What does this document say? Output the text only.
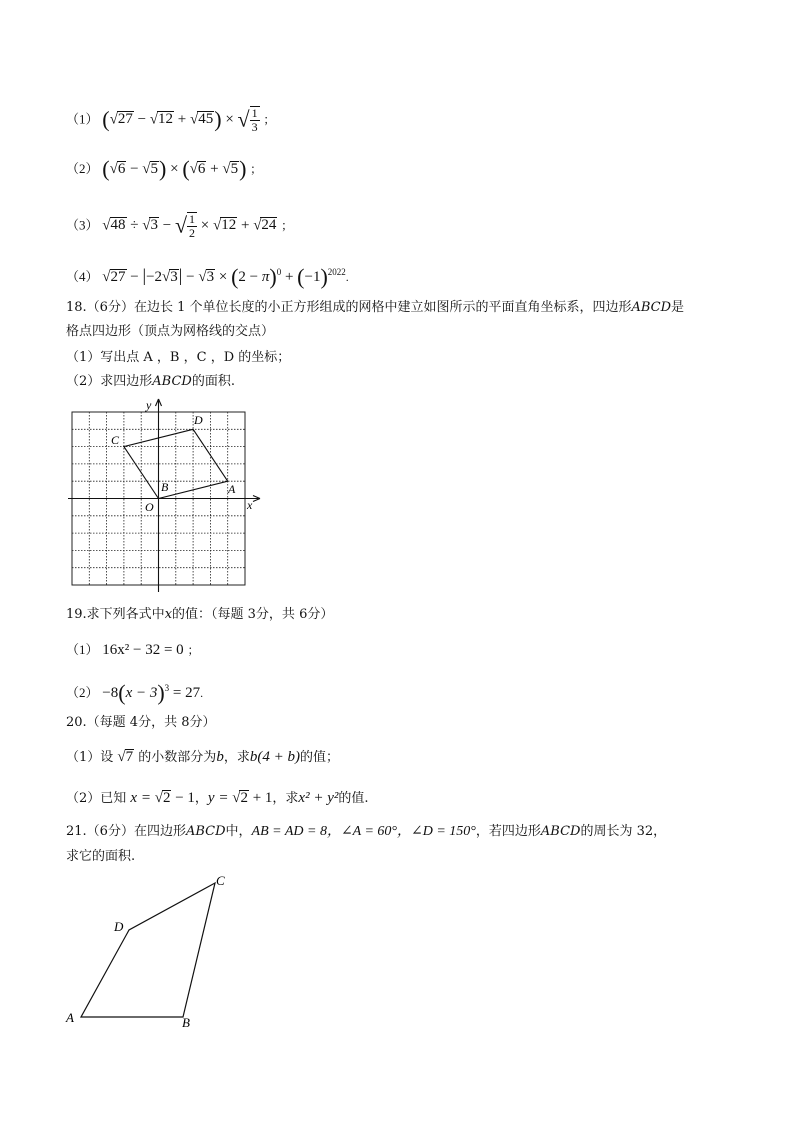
（1） (√27 − √12 + √45) × √ $\frac{1}{3}$ ；
（2） (√6 − √5) × (√6 + √5) ；
（3） √48 ÷ √3 − √ $\frac{1}{2} \times √12 + √24$ ；
（4） $√27 - |-2√3| - √3 \times (2 - \pi)^0 + (-1)^{2022}$.
18.（6分）在边长 1 个单位长度的小正方形组成的网格中建立如图所示的平面直角坐标系，四边形ABCD是
格点四边形（顶点为网格线的交点）
（1）写出点 A ，B ，C ，D 的坐标；
（2）求四边形ABCD的面积.
x
y
O
A
B
C
D
19.求下列各式中x的值：（每题 3分，共 6分）
（1） 16x² − 32 = 0 ；
$(2) -8(x - 3)^3 = 27$.
20.（每题 4分，共 8分）
（1）设 √7 的小数部分为b，求b(4 + b)的值；
（2）已知 x = √2 − 1，y = √2 + 1，求x² + y²的值.
21.（6分）在四边形ABCD中，AB = AD = 8，∠A = 60°，∠D = 150°，若四边形ABCD的周长为 32，
求它的面积.
A	B
C
D
